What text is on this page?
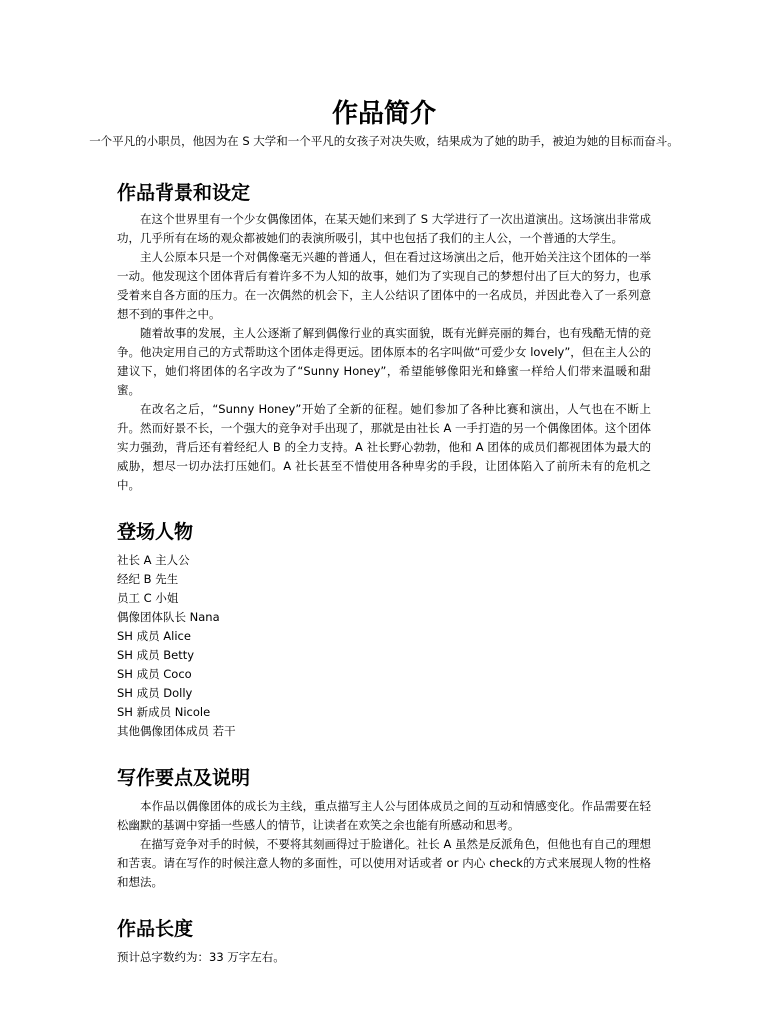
作品简介

一个平凡的小职员，他因为在 S 大学和一个平凡的女孩子对决失败，结果成为了她的助手，被迫为她的目标而奋斗。

作品背景和设定

在这个世界里有一个少女偶像团体，在某天她们来到了 S 大学进行了一次出道演出。这场演出非常成功，几乎所有在场的观众都被她们的表演所吸引，其中也包括了我们的主人公，一个普通的大学生。

主人公原本只是一个对偶像毫无兴趣的普通人，但在看过这场演出之后，他开始关注这个团体的一举一动。他发现这个团体背后有着许多不为人知的故事，她们为了实现自己的梦想付出了巨大的努力，也承受着来自各方面的压力。在一次偶然的机会下，主人公结识了团体中的一名成员，并因此卷入了一系列意想不到的事件之中。

随着故事的发展，主人公逐渐了解到偶像行业的真实面貌，既有光鲜亮丽的舞台，也有残酷无情的竞争。他决定用自己的方式帮助这个团体走得更远。团体原本的名字叫做“可爱少女 lovely”，但在主人公的建议下，她们将团体的名字改为了“Sunny Honey”，希望能够像阳光和蜂蜜一样给人们带来温暖和甜蜜。

在改名之后，“Sunny Honey”开始了全新的征程。她们参加了各种比赛和演出，人气也在不断上升。然而好景不长，一个强大的竞争对手出现了，那就是由社长 A 一手打造的另一个偶像团体。这个团体实力强劲，背后还有着经纪人 B 的全力支持。A 社长野心勃勃，他和 A 团体的成员们都视团体为最大的威胁，想尽一切办法打压她们。A 社长甚至不惜使用各种卑劣的手段，让团体陷入了前所未有的危机之中。

登场人物
社长 A 主人公
经纪 B 先生
员工 C 小姐
偶像团体队长 Nana
SH 成员 Alice
SH 成员 Betty
SH 成员 Coco
SH 成员 Dolly
SH 新成员 Nicole
其他偶像团体成员 若干
写作要点及说明

本作品以偶像团体的成长为主线，重点描写主人公与团体成员之间的互动和情感变化。作品需要在轻松幽默的基调中穿插一些感人的情节，让读者在欢笑之余也能有所感动和思考。

在描写竞争对手的时候，不要将其刻画得过于脸谱化。社长 A 虽然是反派角色，但他也有自己的理想和苦衷。请在写作的时候注意人物的多面性，可以使用对话或者 or 内心 check的方式来展现人物的性格和想法。

作品长度

预计总字数约为：33 万字左右。
